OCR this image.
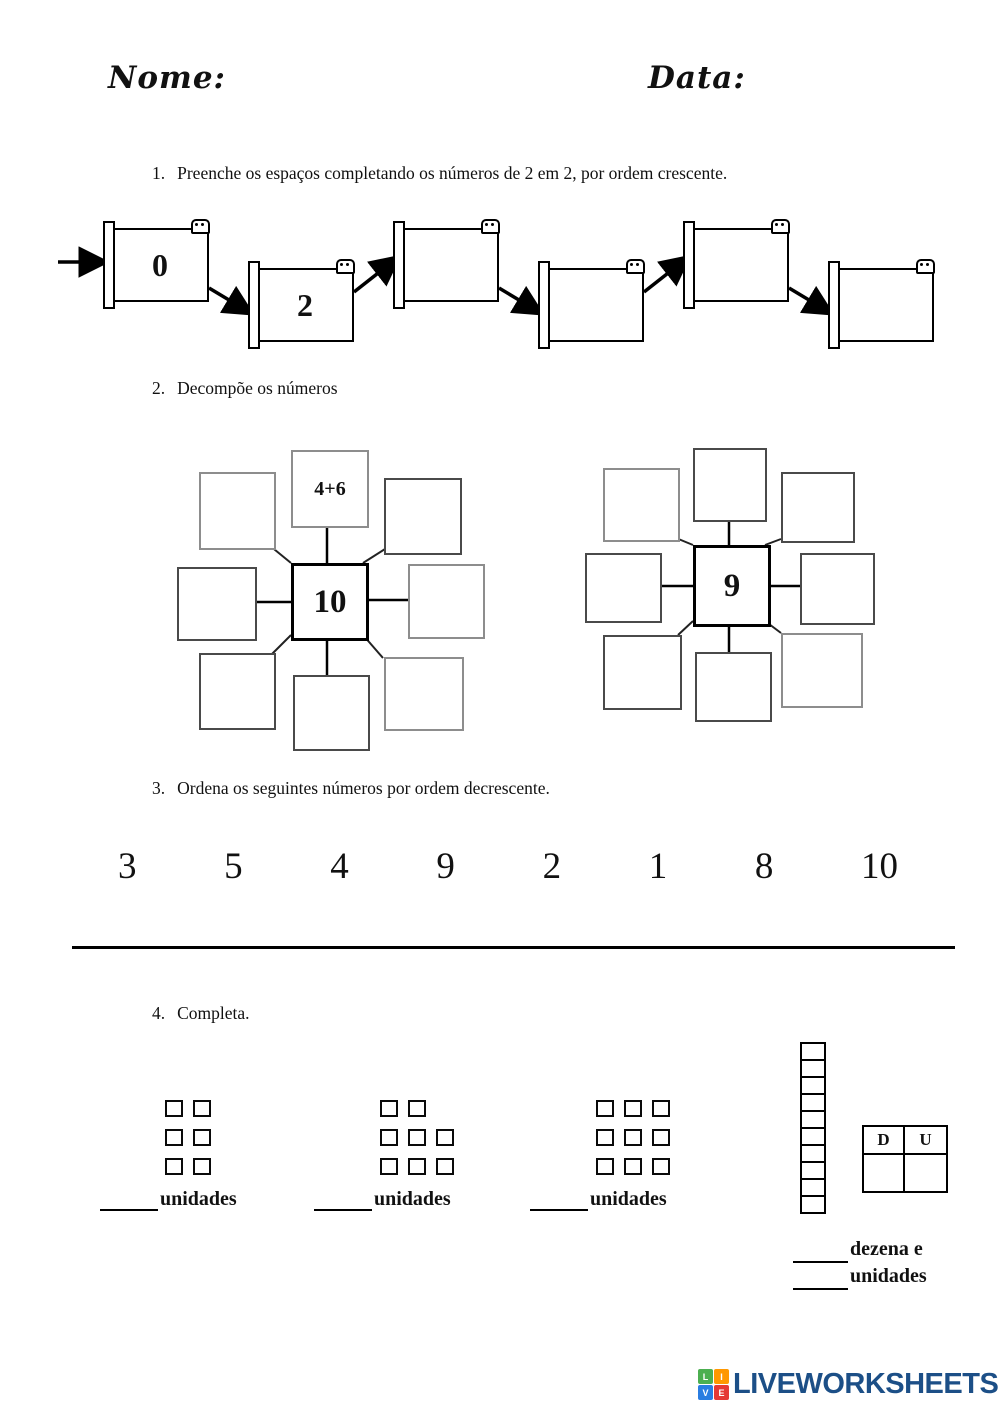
Nome:	Data:
1. Preenche os espaços completando os números de 2 em 2, por ordem crescente.
0
2
2. Decompõe os números
4+6
10	9
3. Ordena os seguintes números por ordem decrescente.
3 5 4 9 2 1 8 10
4. Completa.
unidades	unidades	unidades
D	U
dezena e
unidades
L	I
V	E LIVEWORKSHEETS
